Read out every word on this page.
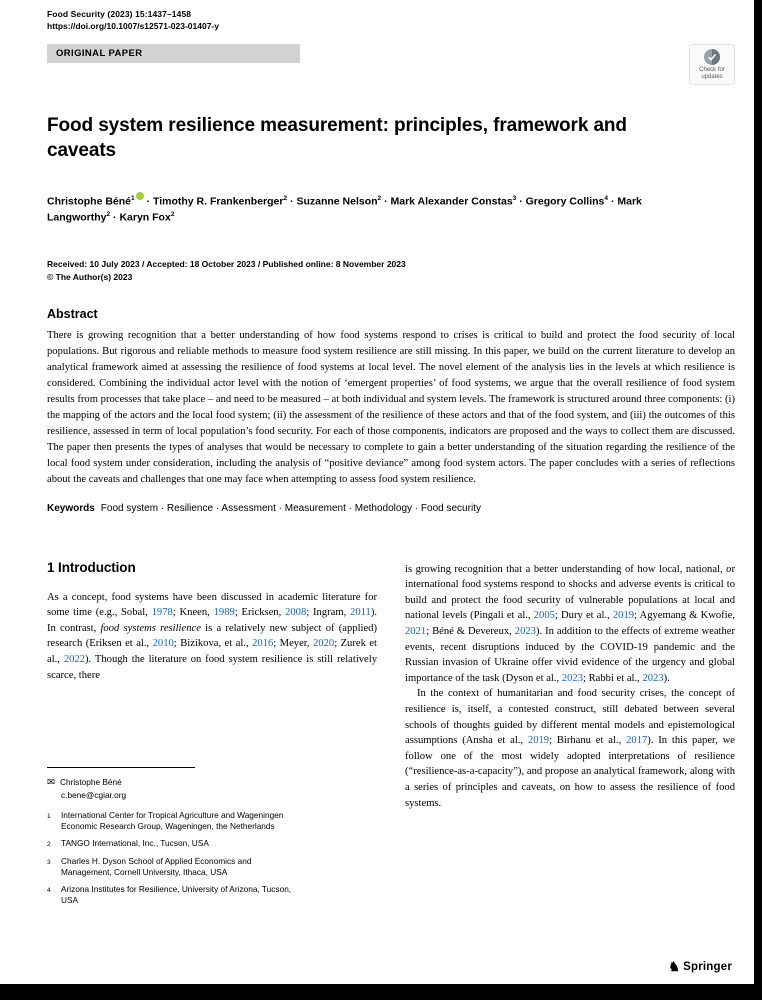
Food Security (2023) 15:1437–1458
https://doi.org/10.1007/s12571-023-01407-y
ORIGINAL PAPER
Check for
updates
Food system resilience measurement: principles, framework and caveats
Christophe Béné$^1$ · Timothy R. Frankenberger$^2$ · Suzanne Nelson$^2$ · Mark Alexander Constas$^3$ · Gregory Collins$^4$ · Mark Langworthy$^2$ · Karyn Fox$^2$
Received: 10 July 2023 / Accepted: 18 October 2023 / Published online: 8 November 2023
© The Author(s) 2023
Abstract

There is growing recognition that a better understanding of how food systems respond to crises is critical to build and protect the food security of local populations. But rigorous and reliable methods to measure food system resilience are still missing. In this paper, we build on the current literature to develop an analytical framework aimed at assessing the resilience of food systems at local level. The novel element of the analysis lies in the levels at which resilience is considered. Combining the individual actor level with the notion of ‘emergent properties’ of food systems, we argue that the overall resilience of food system results from processes that take place – and need to be measured – at both individual and system levels. The framework is structured around three components: (i) the mapping of the actors and the local food system; (ii) the assessment of the resilience of these actors and that of the food system, and (iii) the outcomes of this resilience, assessed in term of local population’s food security. For each of those components, indicators are proposed and the ways to collect them are discussed. The paper then presents the types of analyses that would be necessary to complete to gain a better understanding of the situation regarding the resilience of the local food system under consideration, including the analysis of “positive deviance” among food system actors. The paper concludes with a series of reflections about the caveats and challenges that one may face when attempting to assess food system resilience.

Keywords Food system · Resilience · Assessment · Measurement · Methodology · Food security
1 Introduction

As a concept, food systems have been discussed in academic literature for some time (e.g., Sobal, 1978; Kneen, 1989; Ericksen, 2008; Ingram, 2011). In contrast, food systems resilience is a relatively new subject of (applied) research (Eriksen et al., 2010; Bizikova, et al., 2016; Meyer, 2020; Zurek et al., 2022). Though the literature on food system resilience is still relatively scarce, there

✉ Christophe Béné
c.bene@cgiar.org
1	International Center for Tropical Agriculture and Wageningen Economic Research Group, Wageningen, the Netherlands
2	TANGO International, Inc., Tucson, USA
3	Charles H. Dyson School of Applied Economics and Management, Cornell University, Ithaca, USA
4	Arizona Institutes for Resilience, University of Arizona, Tucson, USA

is growing recognition that a better understanding of how local, national, or international food systems respond to shocks and adverse events is critical to build and protect the food security of vulnerable populations at local and national levels (Pingali et al., 2005; Dury et al., 2019; Agyemang & Kwofie, 2021; Béné & Devereux, 2023). In addition to the effects of extreme weather events, recent disruptions induced by the COVID-19 pandemic and the Russian invasion of Ukraine offer vivid evidence of the urgency and global importance of the task (Dyson et al., 2023; Rabbi et al., 2023).

In the context of humanitarian and food security crises, the concept of resilience is, itself, a contested construct, still debated between several schools of thoughts guided by different mental models and epistemological assumptions (Ansha et al., 2019; Birhanu et al., 2017). In this paper, we follow one of the most widely adopted interpretations of resilience (“resilience-as-a-capacity”), and propose an analytical framework, along with a series of principles and caveats, on how to assess the resilience of food systems.

♞ Springer
